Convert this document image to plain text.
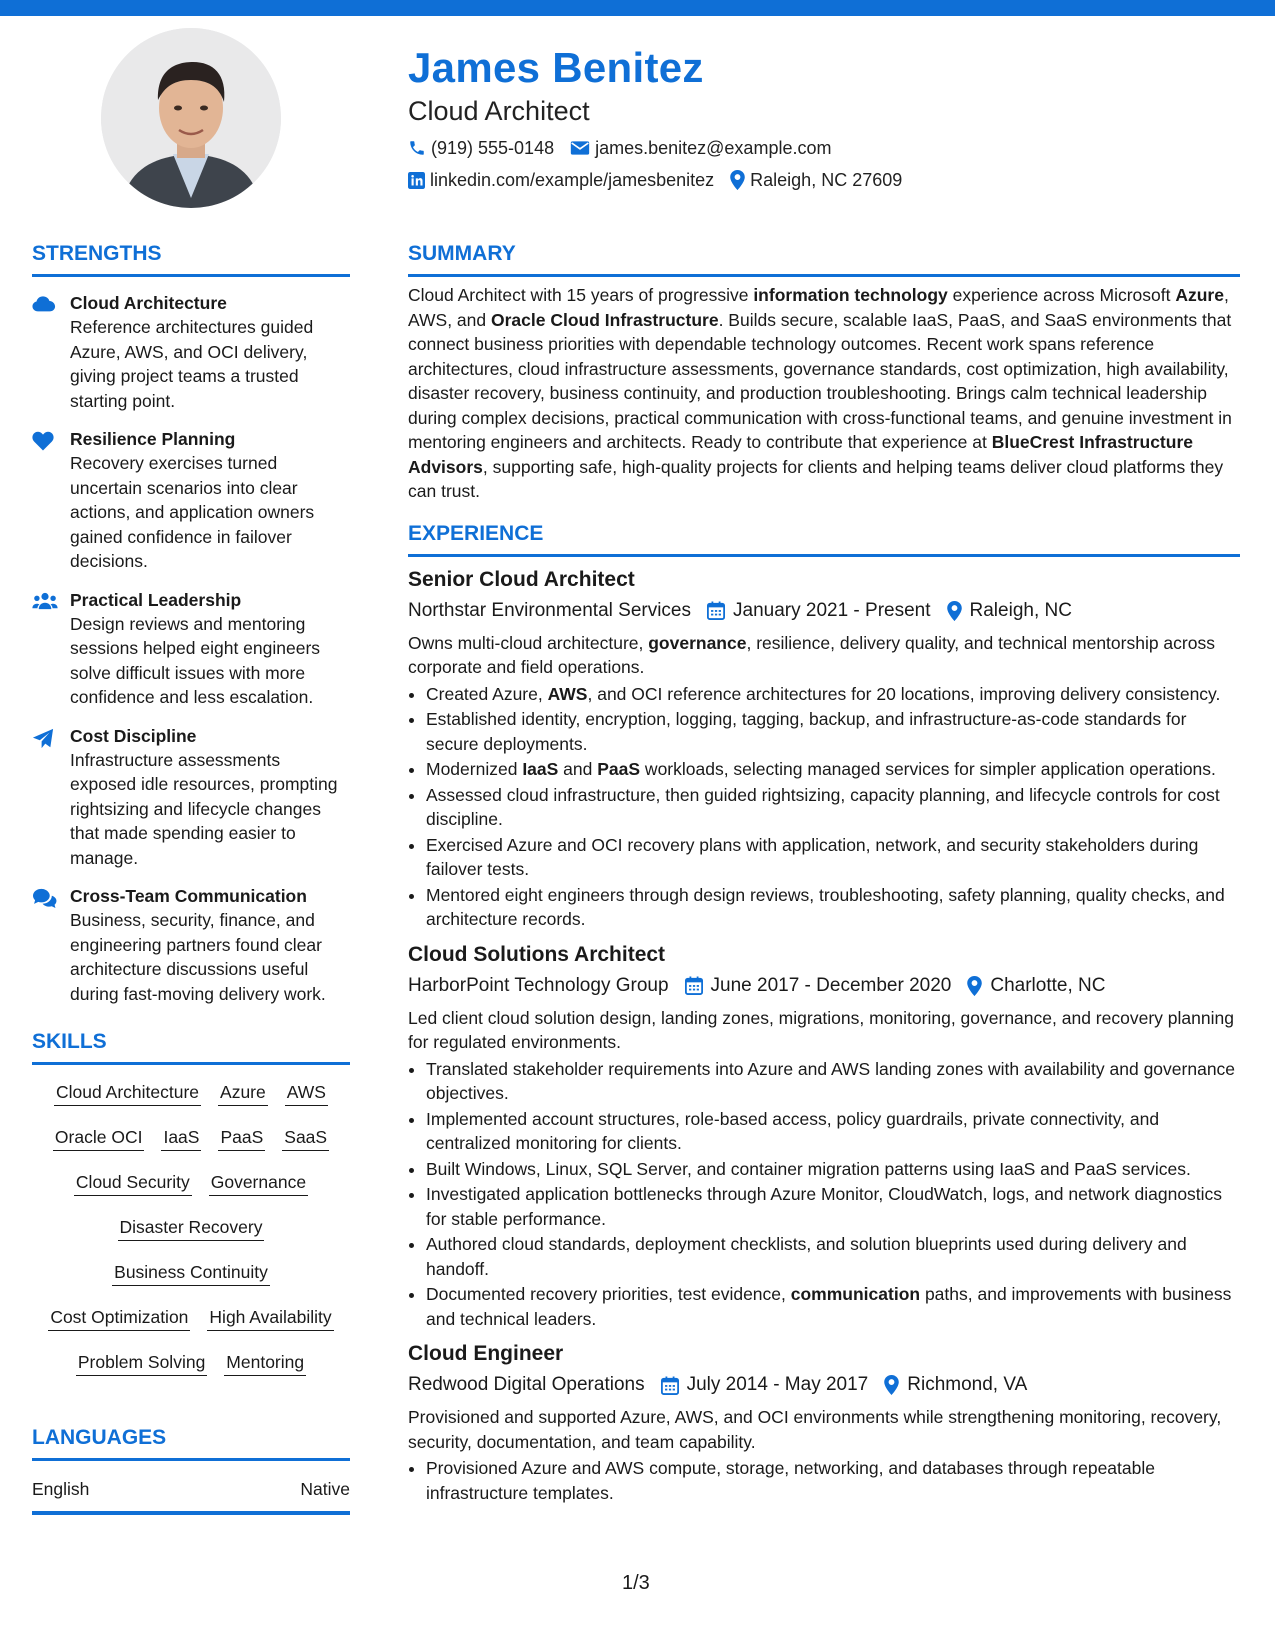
James Benitez
Cloud Architect
(919) 555-0148 james.benitez@example.com
linkedin.com/example/jamesbenitez Raleigh, NC 27609
STRENGTHS
Cloud Architecture
Reference architectures guided Azure, AWS, and OCI delivery, giving project teams a trusted starting point.
Resilience Planning
Recovery exercises turned uncertain scenarios into clear actions, and application owners gained confidence in failover decisions.
Practical Leadership
Design reviews and mentoring sessions helped eight engineers solve difficult issues with more confidence and less escalation.
Cost Discipline
Infrastructure assessments exposed idle resources, prompting rightsizing and lifecycle changes that made spending easier to manage.
Cross-Team Communication
Business, security, finance, and engineering partners found clear architecture discussions useful during fast-moving delivery work.
SKILLS
Cloud Architecture Azure AWS
Oracle OCI IaaS PaaS SaaS
Cloud Security Governance
Disaster Recovery
Business Continuity
Cost Optimization High Availability
Problem Solving Mentoring
LANGUAGES
English	Native
SUMMARY
Cloud Architect with 15 years of progressive information technology experience across Microsoft Azure, AWS, and Oracle Cloud Infrastructure. Builds secure, scalable IaaS, PaaS, and SaaS environments that connect business priorities with dependable technology outcomes. Recent work spans reference architectures, cloud infrastructure assessments, governance standards, cost optimization, high availability, disaster recovery, business continuity, and production troubleshooting. Brings calm technical leadership during complex decisions, practical communication with cross-functional teams, and genuine investment in mentoring engineers and architects. Ready to contribute that experience at BlueCrest Infrastructure Advisors, supporting safe, high-quality projects for clients and helping teams deliver cloud platforms they can trust.
EXPERIENCE
Senior Cloud Architect
Northstar Environmental Services January 2021 - Present Raleigh, NC
Owns multi-cloud architecture, governance, resilience, delivery quality, and technical mentorship across corporate and field operations.
• Created Azure, AWS, and OCI reference architectures for 20 locations, improving delivery consistency.
• Established identity, encryption, logging, tagging, backup, and infrastructure-as-code standards for secure deployments.
• Modernized IaaS and PaaS workloads, selecting managed services for simpler application operations.
• Assessed cloud infrastructure, then guided rightsizing, capacity planning, and lifecycle controls for cost discipline.
• Exercised Azure and OCI recovery plans with application, network, and security stakeholders during failover tests.
• Mentored eight engineers through design reviews, troubleshooting, safety planning, quality checks, and architecture records.
Cloud Solutions Architect
HarborPoint Technology Group June 2017 - December 2020 Charlotte, NC
Led client cloud solution design, landing zones, migrations, monitoring, governance, and recovery planning for regulated environments.
• Translated stakeholder requirements into Azure and AWS landing zones with availability and governance objectives.
• Implemented account structures, role-based access, policy guardrails, private connectivity, and centralized monitoring for clients.
• Built Windows, Linux, SQL Server, and container migration patterns using IaaS and PaaS services.
• Investigated application bottlenecks through Azure Monitor, CloudWatch, logs, and network diagnostics for stable performance.
• Authored cloud standards, deployment checklists, and solution blueprints used during delivery and handoff.
• Documented recovery priorities, test evidence, communication paths, and improvements with business and technical leaders.
Cloud Engineer
Redwood Digital Operations July 2014 - May 2017 Richmond, VA
Provisioned and supported Azure, AWS, and OCI environments while strengthening monitoring, recovery, security, documentation, and team capability.
• Provisioned Azure and AWS compute, storage, networking, and databases through repeatable infrastructure templates.
1/3
